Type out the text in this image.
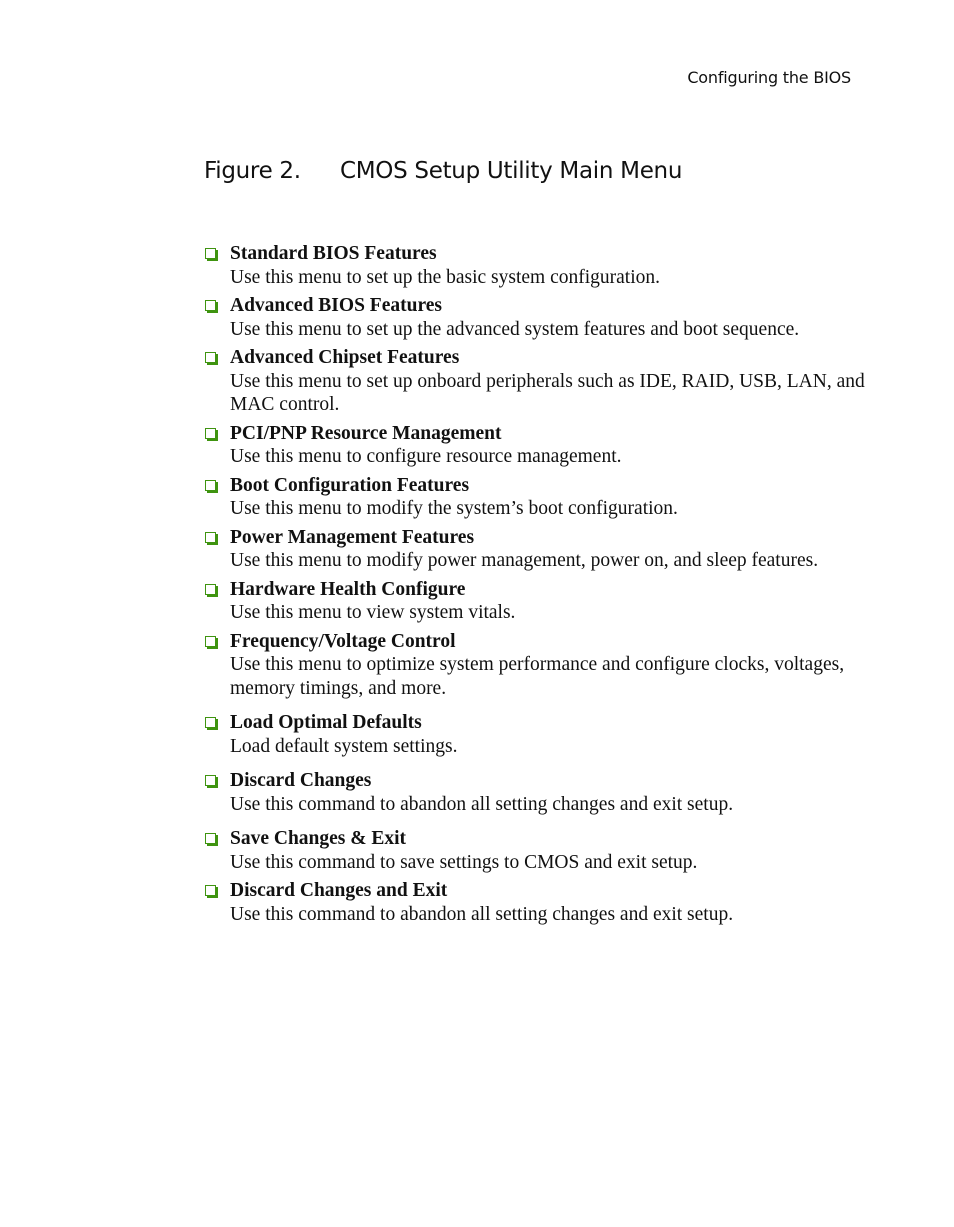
Configuring the BIOS
Figure 2. CMOS Setup Utility Main Menu
Standard BIOS Features
Use this menu to set up the basic system configuration.
Advanced BIOS Features
Use this menu to set up the advanced system features and boot sequence.
Advanced Chipset Features
Use this menu to set up onboard peripherals such as IDE, RAID, USB, LAN, and MAC control.
PCI/PNP Resource Management
Use this menu to configure resource management.
Boot Configuration Features
Use this menu to modify the system’s boot configuration.
Power Management Features
Use this menu to modify power management, power on, and sleep features.
Hardware Health Configure
Use this menu to view system vitals.
Frequency/Voltage Control
Use this menu to optimize system performance and configure clocks, voltages, memory timings, and more.
Load Optimal Defaults
Load default system settings.
Discard Changes
Use this command to abandon all setting changes and exit setup.
Save Changes & Exit
Use this command to save settings to CMOS and exit setup.
Discard Changes and Exit
Use this command to abandon all setting changes and exit setup.
